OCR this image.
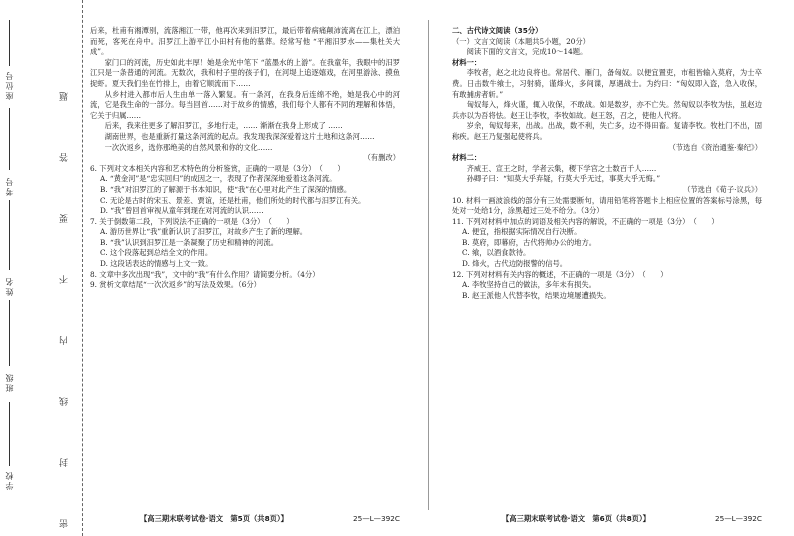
学校
班级
姓名
考号
座位号
密封线内不要答题

后来，杜甫有湘潭别，流落湘江一带，他再次来到汨罗江，最后带着病痛颠沛流离在江上，漂泊而死，客死在舟中。汨罗江上游平江小田村有他的墓葬。经常写他 “平湘汨罗水——集杜关大成”。

家门口的河流，历史如此丰厚！她是余光中笔下 “蓝墨水的上游”。在我童年，我眼中的汨罗江只是一条普通的河流。无数次，我和村子里的孩子们，在河堤上追逐嬉戏，在河里游泳、摸鱼捉虾。夏天我们坐在竹排上，由着它顺流而下……

从乡村进入都市后人生由单一落入繁复。有一条河，在我身后连绵不绝，她是我心中的河流，它是我生命的一部分。每当回首……对于故乡的情感，我们每个人都有不同的理解和体悟，它关于归属……

后来，我来往更多了解汨罗江，多地行走，…… 渐渐在我身上形成了 ……

湖南世界，也是重新打量这条河流的起点。我发现我深深爱着这片土地和这条河……

一次次返乡，选你那绝美的自然风景和你的文化……

（有删改）

6. 下列对文本相关内容和艺术特色的分析鉴赏，正确的一项是（3分）　（　　）

A. “黄金河”是“忠实回归”的成因之一，表现了作者深深地爱着这条河流。

B. “我”对汨罗江的了解源于书本知识，使“我”在心里对此产生了深深的情感。

C. 无论是古时的宋玉、景差、贾谊，还是杜甫，他们所处的时代都与汨罗江有关。

D. “我”曾回首审视从童年到现在对河流的认识……

7. 关于倒数第二段，下列说法不正确的一项是（3分）　（　　）

A. 游历世界让“我”重新认识了汨罗江，对故乡产生了新的理解。

B. “我”认识到汨罗江是一条凝聚了历史和精神的河流。

C. 这个段落起到总结全文的作用。

D. 这段话表达的情感与上文一致。

8. 文章中多次出现“我”，文中的“我”有什么作用？请简要分析。（4分）

9. 赏析文章结尾“一次次返乡”的写法及效果。（6分）

二、古代诗文阅读（35分）

（一）文言文阅读（本题共5小题，20分）

阅读下面的文言文，完成10～14题。

材料一：

李牧者，赵之北边良将也。常居代、雁门，备匈奴。以便宜置吏，市租皆输入莫府，为士卒费。日击数牛飨士，习射骑，谨烽火，多间谍，厚遇战士。为约曰：“匈奴即入盗，急入收保，有敢捕虏者斩。”

匈奴每入，烽火谨，辄入收保，不敢战。如是数岁，亦不亡失。然匈奴以李牧为怯，虽赵边兵亦以为吾将怯。赵王让李牧，李牧如故。赵王怒，召之，使他人代将。

岁余，匈奴每来，出战。出战，数不利，失亡多，边不得田畜。复请李牧。牧杜门不出，固称疾。赵王乃复强起使将兵。

（节选自《资治通鉴·秦纪》）

材料二：

齐威王、宣王之时，学者云集，稷下学宫之士数百千人……

孙卿子曰：“知莫大乎弃疑，行莫大乎无过，事莫大乎无悔。”

（节选自《荀子·议兵》）

10. 材料一画波浪线的部分有三处需要断句，请用铅笔将答题卡上相应位置的答案标号涂黑，每处对一处给1分，涂黑超过三处不给分。（3分）

11. 下列对材料中加点的词语及相关内容的解说，不正确的一项是（3分）　（　　）

A. 便宜，指根据实际情况自行决断。

B. 莫府，即幕府，古代将帅办公的地方。

C. 飨，以酒食款待。

D. 烽火，古代边防报警的信号。

12. 下列对材料有关内容的概述，不正确的一项是（3分）　（　　）

A. 李牧坚持自己的做法，多年未有损失。

B. 赵王派他人代替李牧，结果边境屡遭损失。

【高三期末联考试卷·语文　第5页（共8页）】	25—L—392C	【高三期末联考试卷·语文　第6页（共8页）】	25—L—392C
